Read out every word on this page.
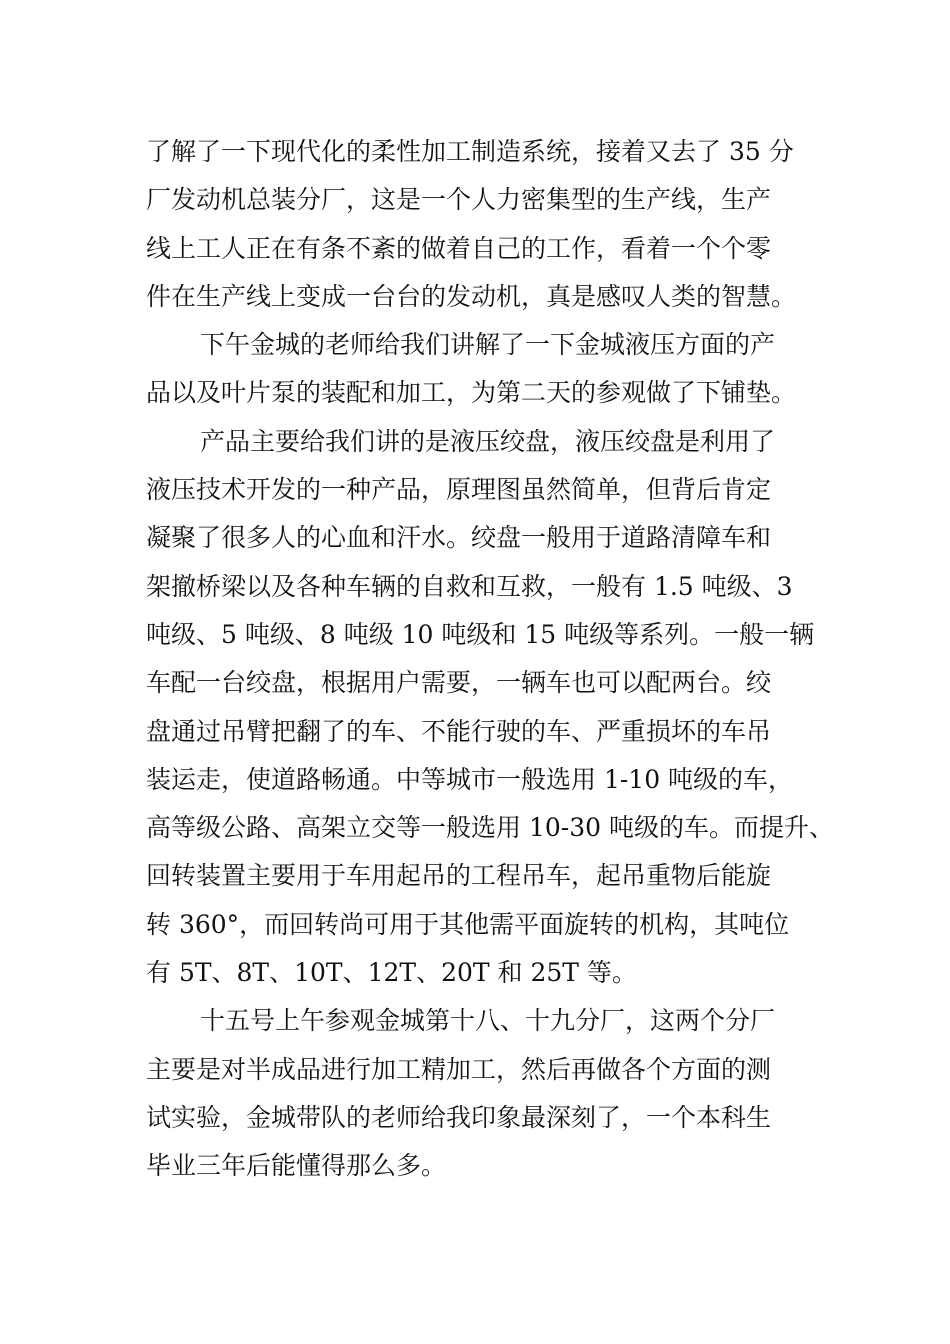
了解了一下现代化的柔性加工制造系统，接着又去了 35 分
厂发动机总装分厂，这是一个人力密集型的生产线，生产
线上工人正在有条不紊的做着自己的工作，看着一个个零
件在生产线上变成一台台的发动机，真是感叹人类的智慧。
下午金城的老师给我们讲解了一下金城液压方面的产
品以及叶片泵的装配和加工，为第二天的参观做了下铺垫。
产品主要给我们讲的是液压绞盘，液压绞盘是利用了
液压技术开发的一种产品，原理图虽然简单，但背后肯定
凝聚了很多人的心血和汗水。绞盘一般用于道路清障车和
架撤桥梁以及各种车辆的自救和互救，一般有 1.5 吨级、3
吨级、5 吨级、8 吨级 10 吨级和 15 吨级等系列。一般一辆
车配一台绞盘，根据用户需要，一辆车也可以配两台。绞
盘通过吊臂把翻了的车、不能行驶的车、严重损坏的车吊
装运走，使道路畅通。中等城市一般选用 1-10 吨级的车，
高等级公路、高架立交等一般选用 10-30 吨级的车。而提升、
回转装置主要用于车用起吊的工程吊车，起吊重物后能旋
转 360°，而回转尚可用于其他需平面旋转的机构，其吨位
有 5T、8T、10T、12T、20T 和 25T 等。
十五号上午参观金城第十八、十九分厂，这两个分厂
主要是对半成品进行加工精加工，然后再做各个方面的测
试实验，金城带队的老师给我印象最深刻了，一个本科生
毕业三年后能懂得那么多。
